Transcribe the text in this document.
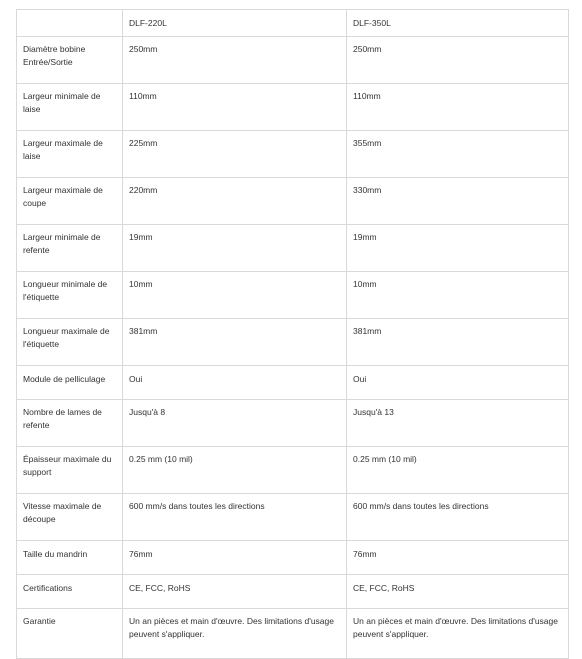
	DLF-220L	DLF-350L
Diamètre bobine Entrée/Sortie	250mm	250mm
Largeur minimale de laise	110mm	110mm
Largeur maximale de laise	225mm	355mm
Largeur maximale de coupe	220mm	330mm
Largeur minimale de refente	19mm	19mm
Longueur minimale de l'étiquette	10mm	10mm
Longueur maximale de l'étiquette	381mm	381mm
Module de pelliculage	Oui	Oui
Nombre de lames de refente	Jusqu'à 8	Jusqu'à 13
Épaisseur maximale du support	0.25 mm (10 mil)	0.25 mm (10 mil)
Vitesse maximale de découpe	600 mm/s dans toutes les directions	600 mm/s dans toutes les directions
Taille du mandrin	76mm	76mm
Certifications	CE, FCC, RoHS	CE, FCC, RoHS
Garantie	Un an pièces et main d'œuvre. Des limitations d'usage peuvent s'appliquer.	Un an pièces et main d'œuvre. Des limitations d'usage peuvent s'appliquer.
